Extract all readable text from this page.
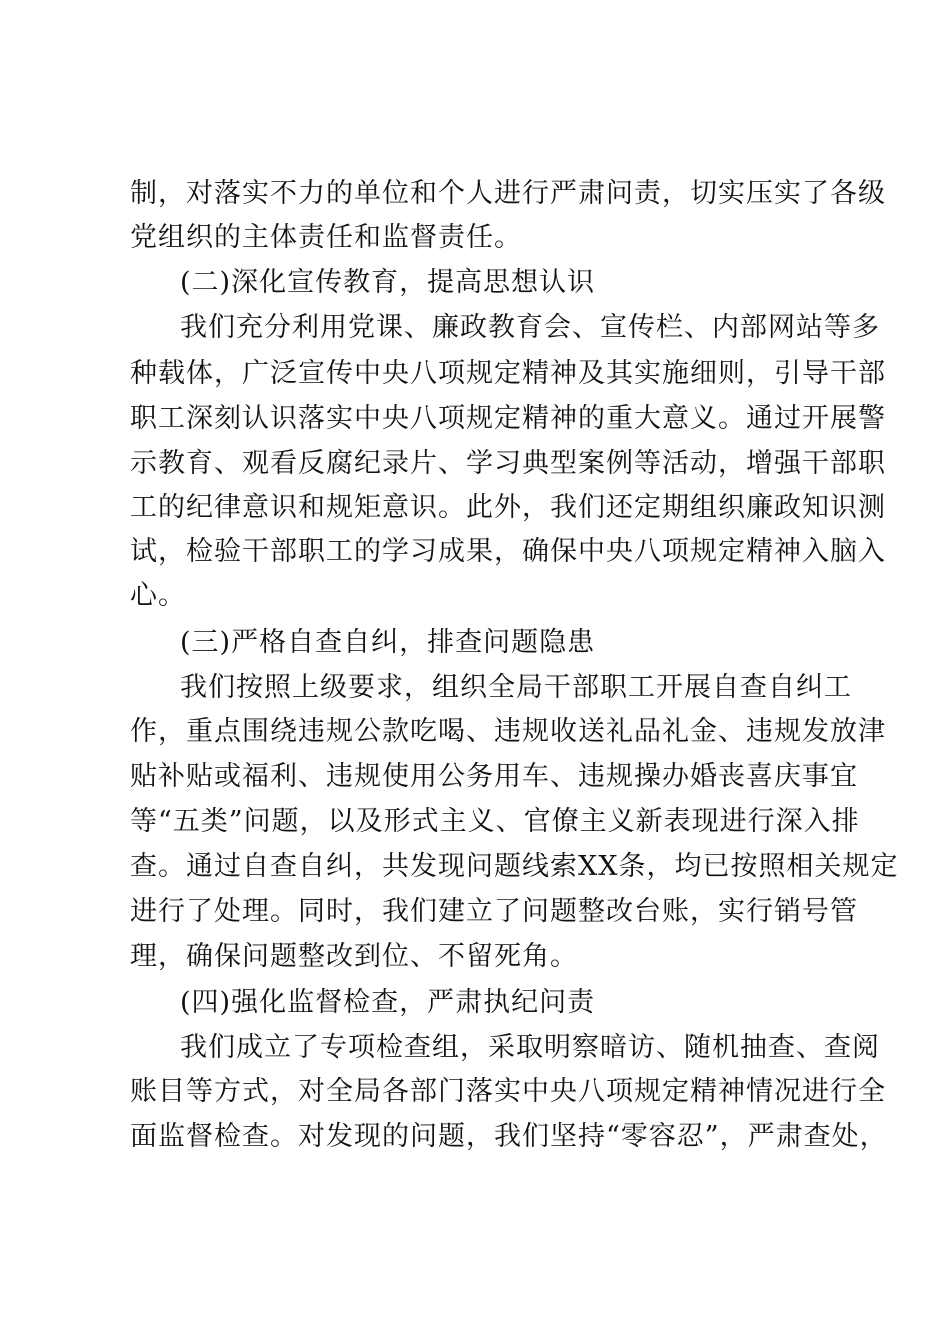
制，对落实不力的单位和个人进行严肃问责，切实压实了各级
党组织的主体责任和监督责任。
(二)深化宣传教育，提高思想认识
我们充分利用党课、廉政教育会、宣传栏、内部网站等多
种载体，广泛宣传中央八项规定精神及其实施细则，引导干部
职工深刻认识落实中央八项规定精神的重大意义。通过开展警
示教育、观看反腐纪录片、学习典型案例等活动，增强干部职
工的纪律意识和规矩意识。此外，我们还定期组织廉政知识测
试，检验干部职工的学习成果，确保中央八项规定精神入脑入
心。
(三)严格自查自纠，排查问题隐患
我们按照上级要求，组织全局干部职工开展自查自纠工
作，重点围绕违规公款吃喝、违规收送礼品礼金、违规发放津
贴补贴或福利、违规使用公务用车、违规操办婚丧喜庆事宜
等“五类”问题，以及形式主义、官僚主义新表现进行深入排
查。通过自查自纠，共发现问题线索XX条，均已按照相关规定
进行了处理。同时，我们建立了问题整改台账，实行销号管
理，确保问题整改到位、不留死角。
(四)强化监督检查，严肃执纪问责
我们成立了专项检查组，采取明察暗访、随机抽查、查阅
账目等方式，对全局各部门落实中央八项规定精神情况进行全
面监督检查。对发现的问题，我们坚持“零容忍”，严肃查处，
